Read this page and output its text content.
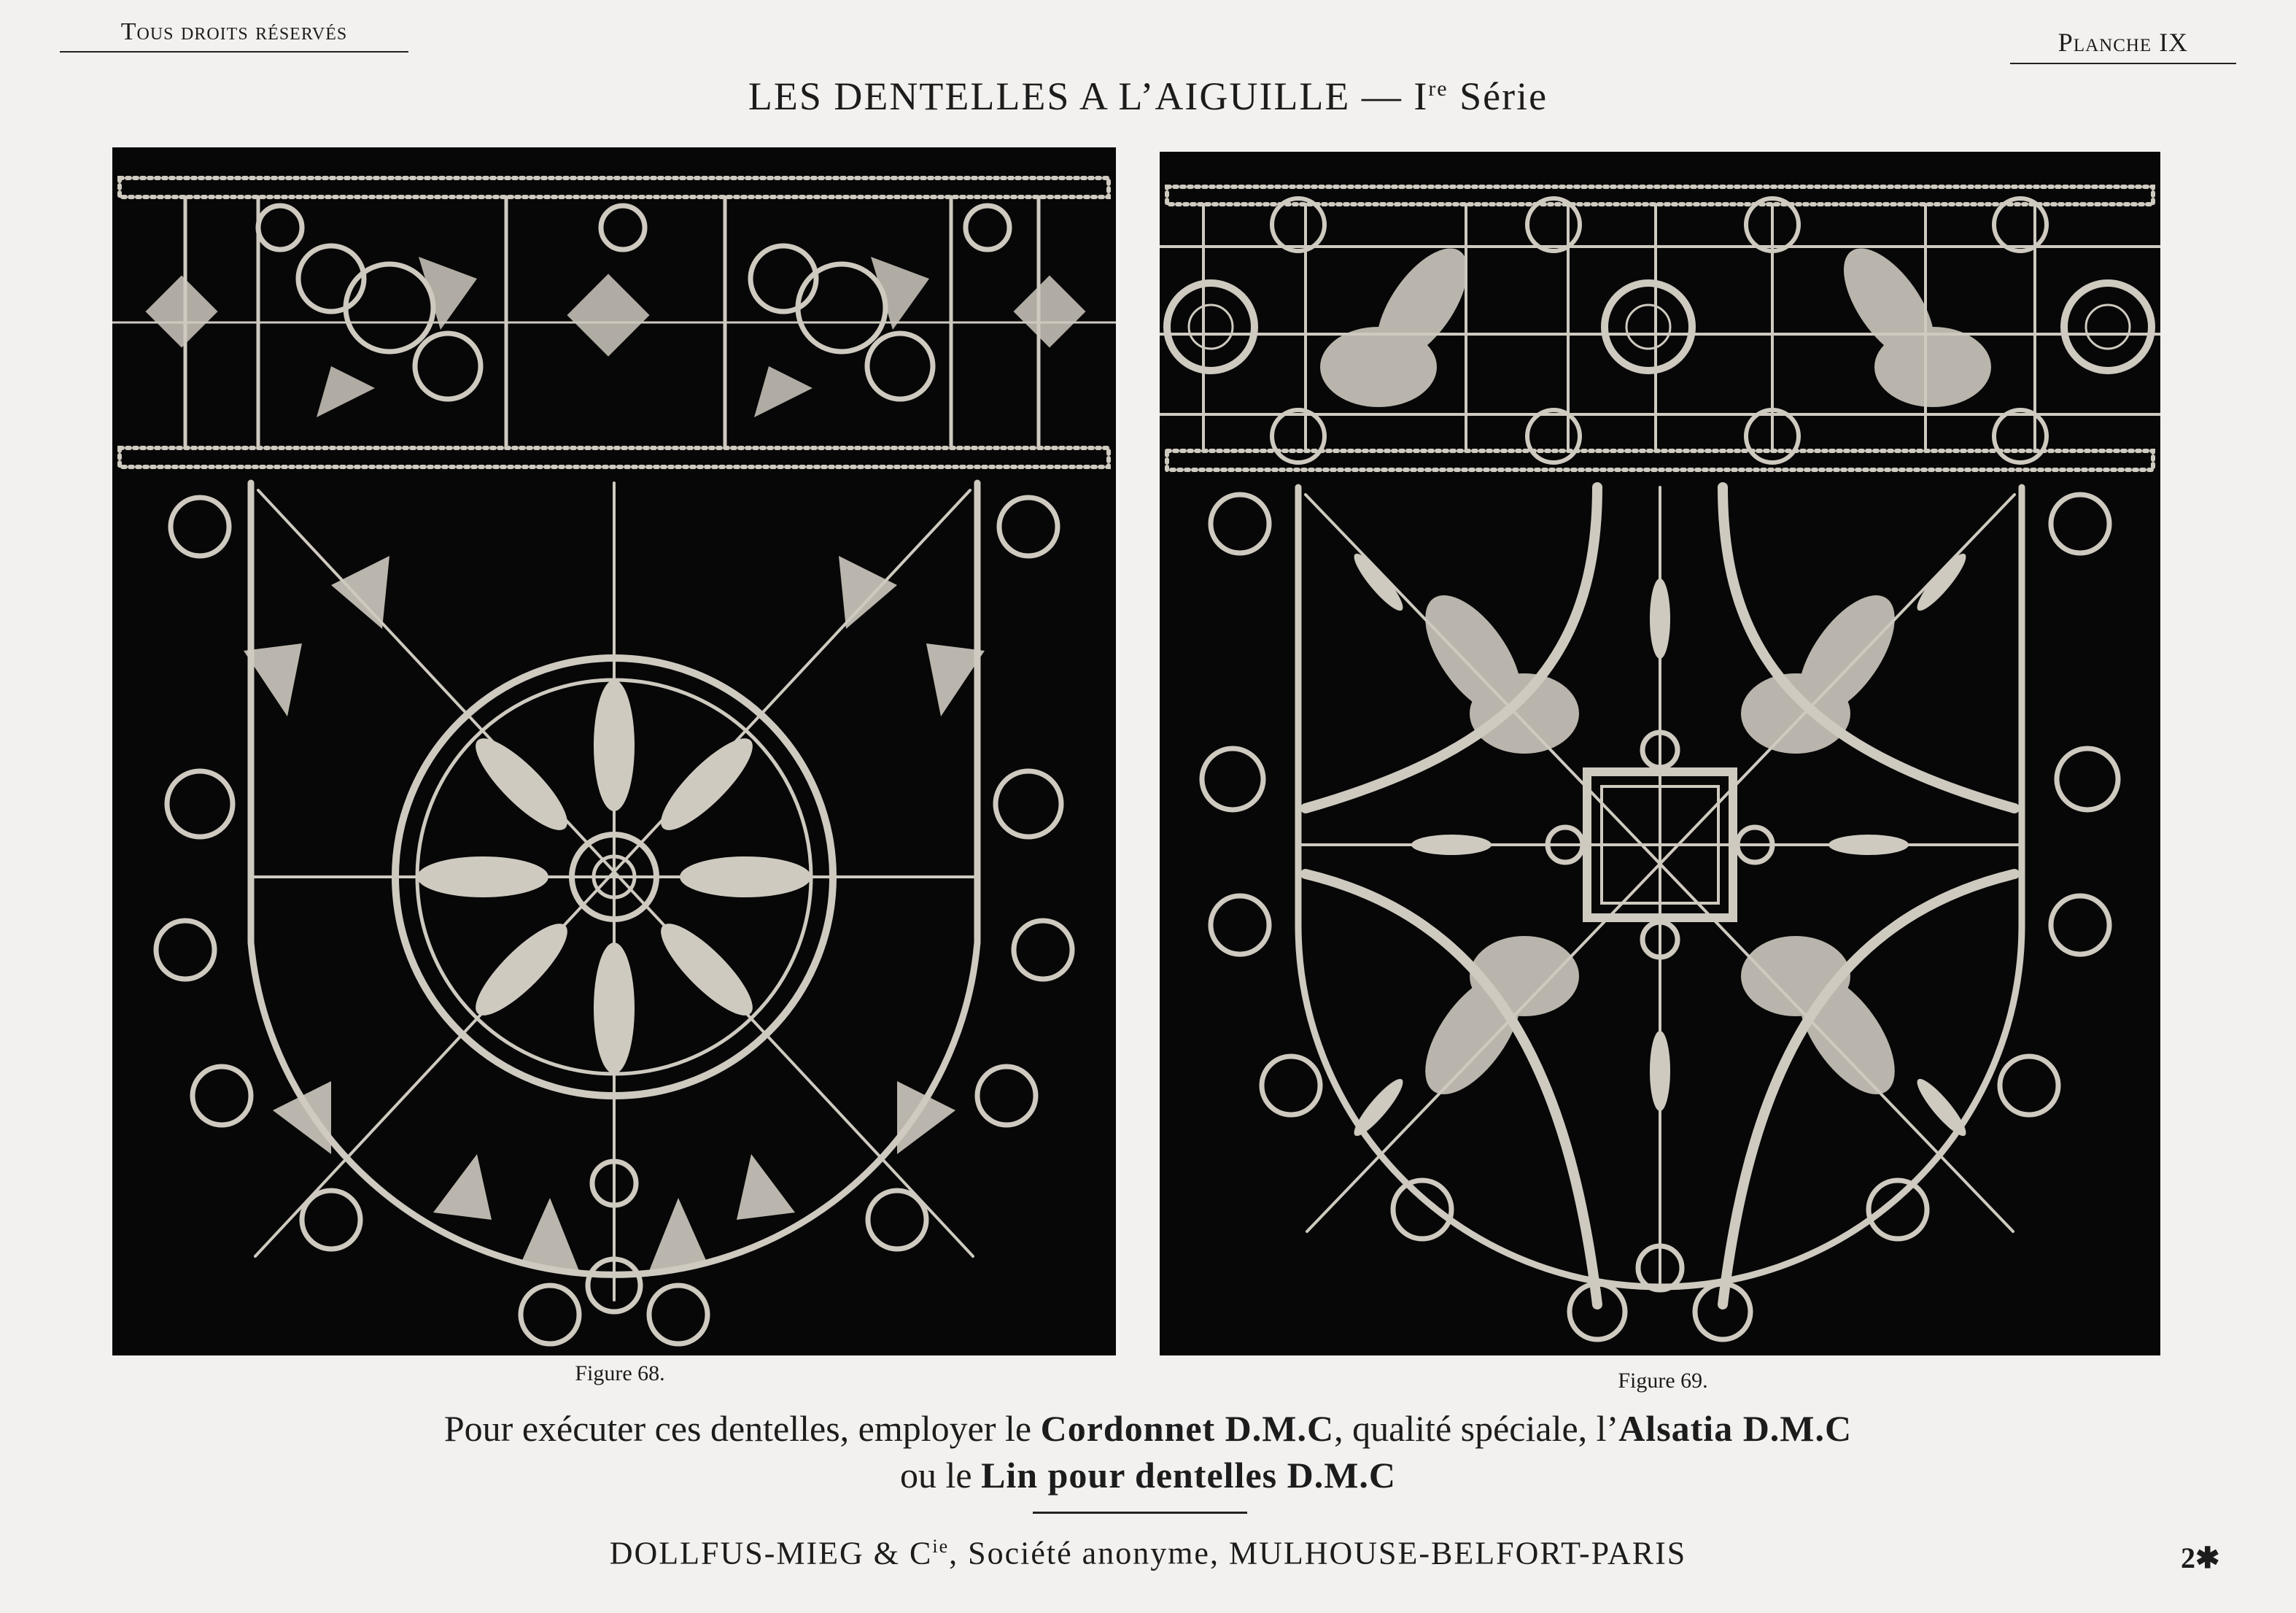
Tous droits réservés	Planche IX
LES DENTELLES A L’AIGUILLE — Ire Série
Figure 68.	Figure 69.
Pour exécuter ces dentelles, employer le Cordonnet D.M.C, qualité spéciale, l’Alsatia D.M.C
ou le Lin pour dentelles D.M.C
DOLLFUS-MIEG & $C^{ie}$, Société anonyme, MULHOUSE-BELFORT-PARIS	2✱
